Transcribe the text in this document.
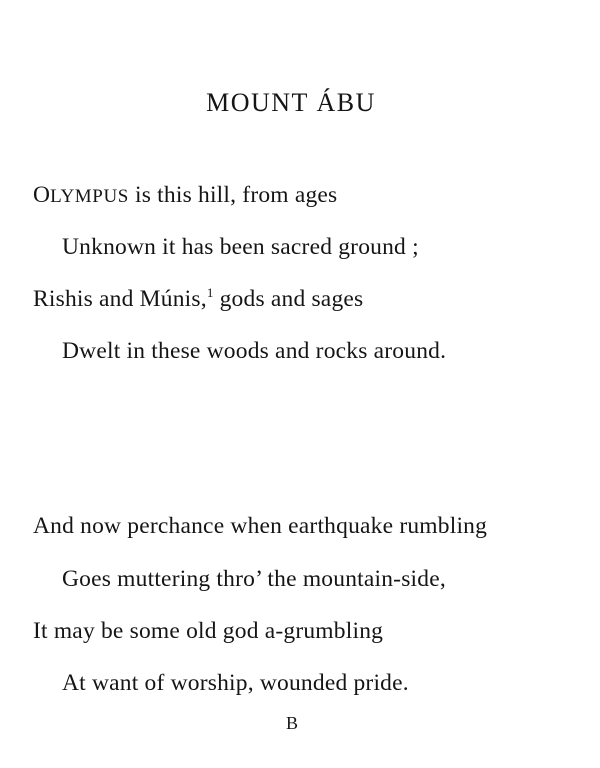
MOUNT ÁBU
OLYMPUS is this hill, from ages
Unknown it has been sacred ground ;
Rishis and Múnis,$^1$ gods and sages
Dwelt in these woods and rocks around.
And now perchance when earthquake rumbling
Goes muttering thro’ the mountain-side,
It may be some old god a-grumbling
At want of worship, wounded pride.
B
